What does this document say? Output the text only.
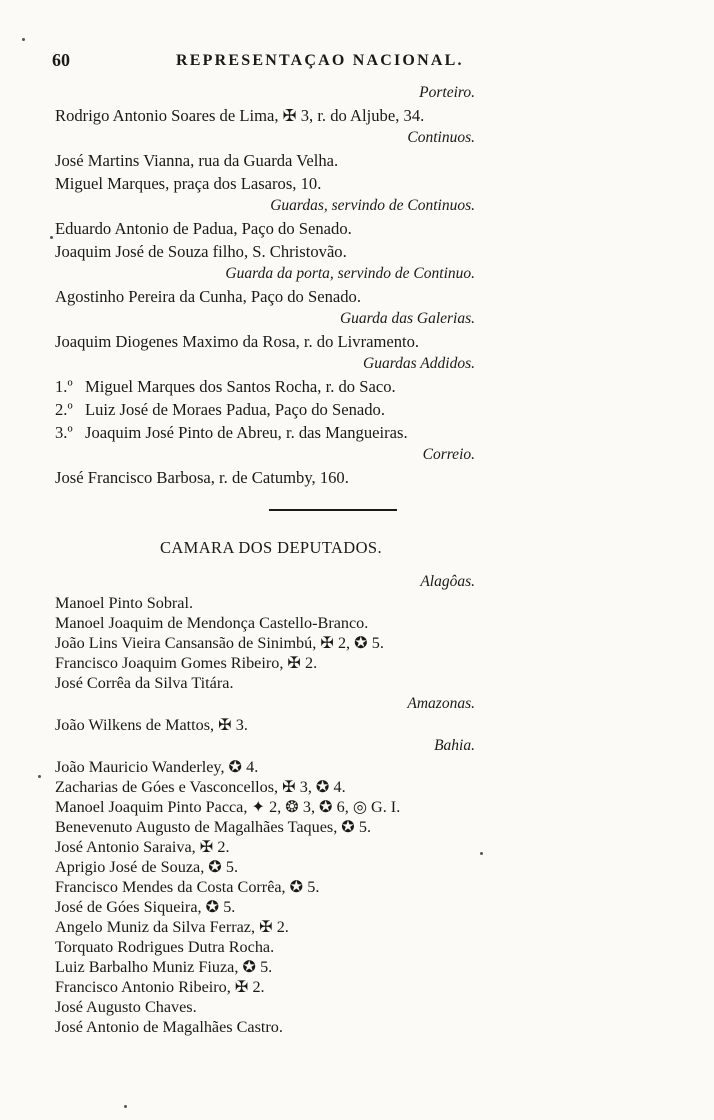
60	REPRESENTAÇAO NACIONAL.
Porteiro.
Rodrigo Antonio Soares de Lima, ✠ 3, r. do Aljube, 34.
Continuos.
José Martins Vianna, rua da Guarda Velha.
Miguel Marques, praça dos Lasaros, 10.
Guardas, servindo de Continuos.
Eduardo Antonio de Padua, Paço do Senado.
Joaquim José de Souza filho, S. Christovão.
Guarda da porta, servindo de Continuo.
Agostinho Pereira da Cunha, Paço do Senado.
Guarda das Galerias.
Joaquim Diogenes Maximo da Rosa, r. do Livramento.
Guardas Addidos.
1.º Miguel Marques dos Santos Rocha, r. do Saco.
2.º Luiz José de Moraes Padua, Paço do Senado.
3.º Joaquim José Pinto de Abreu, r. das Mangueiras.
Correio.
José Francisco Barbosa, r. de Catumby, 160.
CAMARA DOS DEPUTADOS.
Alagôas.
Manoel Pinto Sobral.
Manoel Joaquim de Mendonça Castello-Branco.
João Lins Vieira Cansansão de Sinimbú, ✠ 2, ✪ 5.
Francisco Joaquim Gomes Ribeiro, ✠ 2.
José Corrêa da Silva Titára.
Amazonas.
João Wilkens de Mattos, ✠ 3.
Bahia.
João Mauricio Wanderley, ✪ 4.
Zacharias de Góes e Vasconcellos, ✠ 3, ✪ 4.
Manoel Joaquim Pinto Pacca, ✦ 2, ❂ 3, ✪ 6, ◎ G. I.
Benevenuto Augusto de Magalhães Taques, ✪ 5.
José Antonio Saraiva, ✠ 2.
Aprigio José de Souza, ✪ 5.
Francisco Mendes da Costa Corrêa, ✪ 5.
José de Góes Siqueira, ✪ 5.
Angelo Muniz da Silva Ferraz, ✠ 2.
Torquato Rodrigues Dutra Rocha.
Luiz Barbalho Muniz Fiuza, ✪ 5.
Francisco Antonio Ribeiro, ✠ 2.
José Augusto Chaves.
José Antonio de Magalhães Castro.
